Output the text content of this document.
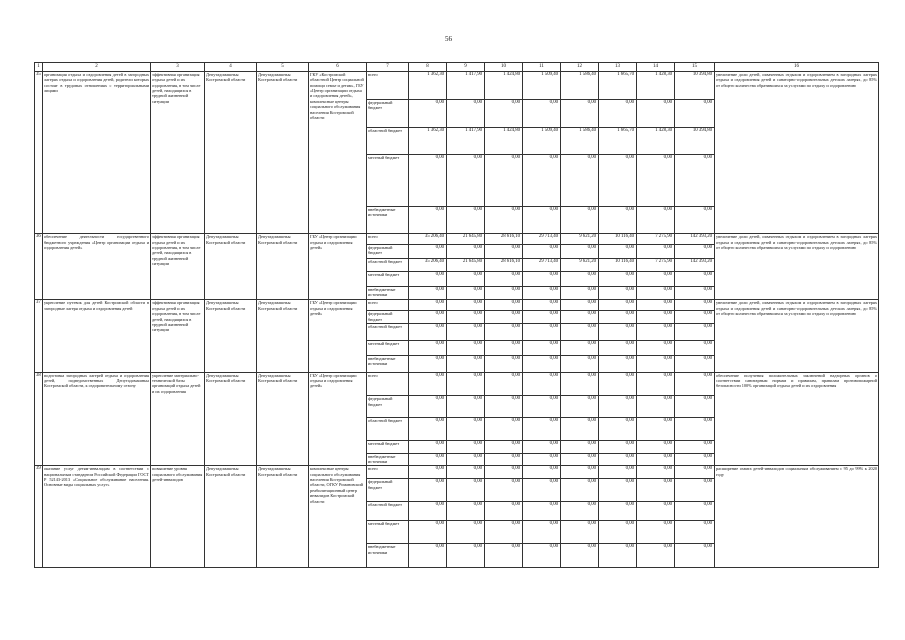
56
1	2	3	4	5	6	7	8	9	10	11	12	13	14	15	16
35	организация отдыха и оздоровления детей в загородных лагерях отдыха и оздоровления детей, родители которых состоят в трудовых отношениях с территориальными лицами	эффективная организация отдыха детей и их оздоровления, в том числе детей, находящихся в трудной жизненной ситуации	Депутадомашньы Костромской области	Депутадомашньы Костромской области	ГКУ «Костромской областной Центр социальной помощи семье и детям», ГБУ «Центр организации отдыха и оздоровления детей», комплексные центры социального обслуживания населения Костромской области	всего	1 362,30	1 417,90	1 424,80	1 509,40	1 586,40	1 665,70	1 428,30	10 394,80	увеличение доли детей, охваченных отдыхом и оздоровлением в загородных лагерях отдыха и оздоровления детей и санаторно-оздоровительных детских лагерях, до 85% от общего количества обратившихся за услугами по отдыху и оздоровлению
						федеральный бюджет	0,00	0,00	0,00	0,00	0,00	0,00	0,00	0,00	
						областной бюджет	1 362,30	1 417,90	1 424,80	1 509,40	1 586,40	1 665,70	1 428,30	10 394,80	
						местный бюджет	0,00	0,00	0,00	0,00	0,00	0,00	0,00	0,00	
						внебюджетные источники	0,00	0,00	0,00	0,00	0,00	0,00	0,00	0,00	
36	обеспечение деятельности государственного бюджетного учреждения «Центр организации отдыха и оздоровления детей»	эффективная организация отдыха детей и их оздоровления, в том числе детей, находящихся в трудной жизненной ситуации	Депутадомашньы Костромской области	Депутадомашньы Костромской области	ГБУ «Центр организации отдыха и оздоровления детей»	всего	35 206,40	21 645,80	28 616,10	29 713,40	9 621,20	10 116,40	7 275,90	142 393,20	увеличение доли детей, охваченных отдыхом и оздоровлением в загородных лагерях отдыха и оздоровления детей и санаторно-оздоровительных детских лагерях, до 85% от общего количества обратившихся за услугами по отдыху и оздоровлению
						федеральный бюджет	0,00	0,00	0,00	0,00	0,00	0,00	0,00	0,00	
						областной бюджет	35 206,40	21 645,80	28 616,10	29 713,40	9 621,20	10 116,40	7 275,90	142 393,20	
						местный бюджет	0,00	0,00	0,00	0,00	0,00	0,00	0,00	0,00	
						внебюджетные источники	0,00	0,00	0,00	0,00	0,00	0,00	0,00	0,00	
37	укрепление путевок для детей Костромской области в загородные лагеря отдыха и оздоровления детей	эффективная организация отдыха детей и их оздоровления, в том числе детей, находящихся в трудной жизненной ситуации	Депутадомашньы Костромской области	Депутадомашньы Костромской области	ГБУ «Центр организации отдыха и оздоровления детей»	всего	0,00	0,00	0,00	0,00	0,00	0,00	0,00	0,00	увеличение доли детей, охваченных отдыхом и оздоровлением в загородных лагерях отдыха и оздоровления детей и санаторно-оздоровительных детских лагерях, до 85% от общего количества обратившихся за услугами по отдыху и оздоровлению
						федеральный бюджет	0,00	0,00	0,00	0,00	0,00	0,00	0,00	0,00	
						областной бюджет	0,00	0,00	0,00	0,00	0,00	0,00	0,00	0,00	
						местный бюджет	0,00	0,00	0,00	0,00	0,00	0,00	0,00	0,00	
						внебюджетные источники	0,00	0,00	0,00	0,00	0,00	0,00	0,00	0,00	
38	подготовка загородных лагерей отдыха и оздоровления детей, подведомственных Депутадомашньы Костромской области, к оздоровительному сезону	укрепление материально-технической базы организаций отдыха детей и их оздоровления	Депутадомашньы Костромской области	Депутадомашньы Костромской области	ГБУ «Центр организации отдыха и оздоровления детей»	всего	0,00	0,00	0,00	0,00	0,00	0,00	0,00	0,00	обеспечение получения положительных заключений надзорных органов о соответствии санитарным нормам и правилам, правилам противопожарной безопасности 100% организаций отдыха детей и их оздоровления
						федеральный бюджет	0,00	0,00	0,00	0,00	0,00	0,00	0,00	0,00	
						областной бюджет	0,00	0,00	0,00	0,00	0,00	0,00	0,00	0,00	
						местный бюджет	0,00	0,00	0,00	0,00	0,00	0,00	0,00	0,00	
						внебюджетные источники	0,00	0,00	0,00	0,00	0,00	0,00	0,00	0,00	
39	оказание услуг детям-инвалидам в соответствии с национальным стандартом Российской Федерации ГОСТ Р 52143-2013 «Социальное обслуживание населения. Основные виды социальных услуг»	повышение уровня социального обслуживания детей-инвалидов	Депутадомашньы Костромской области	Депутадомашньы Костромской области	комплексные центры социального обслуживания населения Костромской области, ОГКУ Романовский реабилитационный центр инвалидов Костромской области	всего	0,00	0,00	0,00	0,00	0,00	0,00	0,00	0,00	расширение охвата детей-инвалидов социальным обслуживанием с 95 до 99% к 2020 году
						федеральный бюджет	0,00	0,00	0,00	0,00	0,00	0,00	0,00	0,00	
						областной бюджет	0,00	0,00	0,00	0,00	0,00	0,00	0,00	0,00	
						местный бюджет	0,00	0,00	0,00	0,00	0,00	0,00	0,00	0,00	
						внебюджетные источники	0,00	0,00	0,00	0,00	0,00	0,00	0,00	0,00	
